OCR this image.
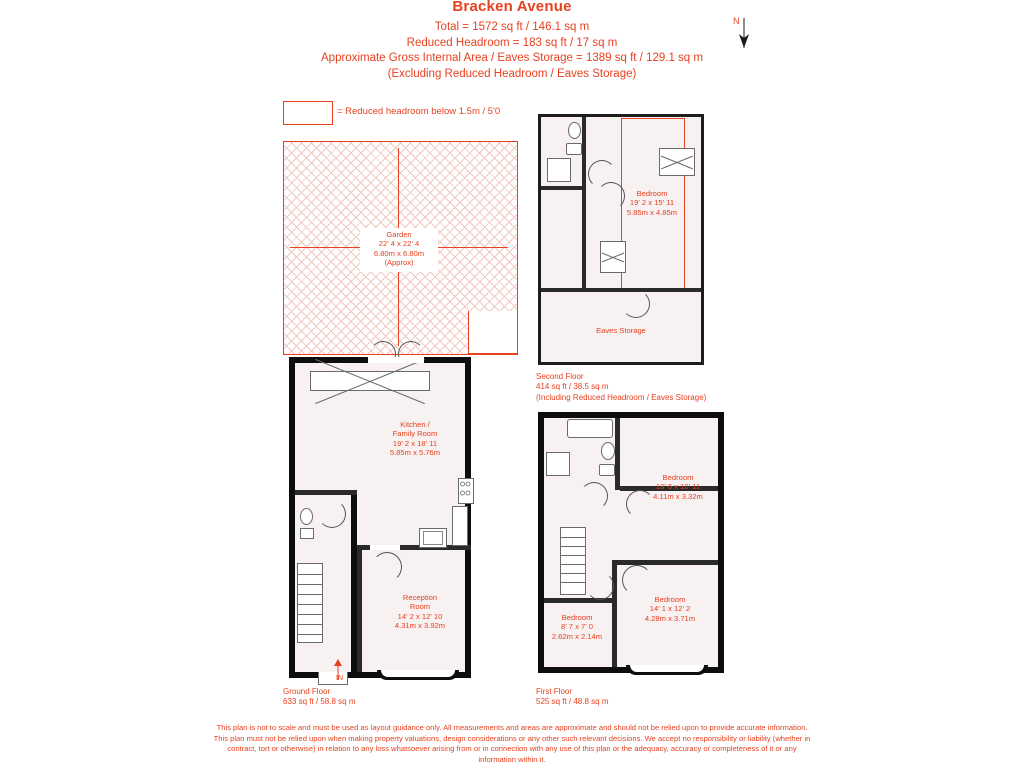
Bracken Avenue
Total = 1572 sq ft / 146.1 sq m
Reduced Headroom = 183 sq ft / 17 sq m
Approximate Gross Internal Area / Eaves Storage = 1389 sq ft / 129.1 sq m
(Excluding Reduced Headroom / Eaves Storage)
= Reduced headroom below 1.5m / 5'0
N
Garden
22' 4 x 22' 4
6.80m x 6.80m
(Approx)
Kitchen /
Family Room
19' 2 x 18' 11
5.85m x 5.76m
Reception
Room
14' 2 x 12' 10
4.31m x 3.92m
IN
Ground Floor
633 sq ft / 58.8 sq m
Bedroom
13' 6 x 10' 11
4.11m x 3.32m
Bedroom
14' 1 x 12' 2
4.28m x 3.71m
Bedroom
8' 7 x 7' 0
2.62m x 2.14m
First Floor
525 sq ft / 48.8 sq m
Bedroom
19' 2 x 15' 11
5.85m x 4.85m
Eaves Storage
Second Floor
414 sq ft / 38.5 sq m
(Including Reduced Headroom / Eaves Storage)
This plan is not to scale and must be used as layout guidance only. All measurements and areas are approximate and should not be relied upon to provide accurate information. This plan must not be relied upon when making property valuations, design considerations or any other such relevant decisions. We accept no responsibility or liability (whether in contract, tort or otherwise) in relation to any loss whatsoever arising from or in connection with any use of this plan or the adequacy, accuracy or completeness of it or any information within it.
